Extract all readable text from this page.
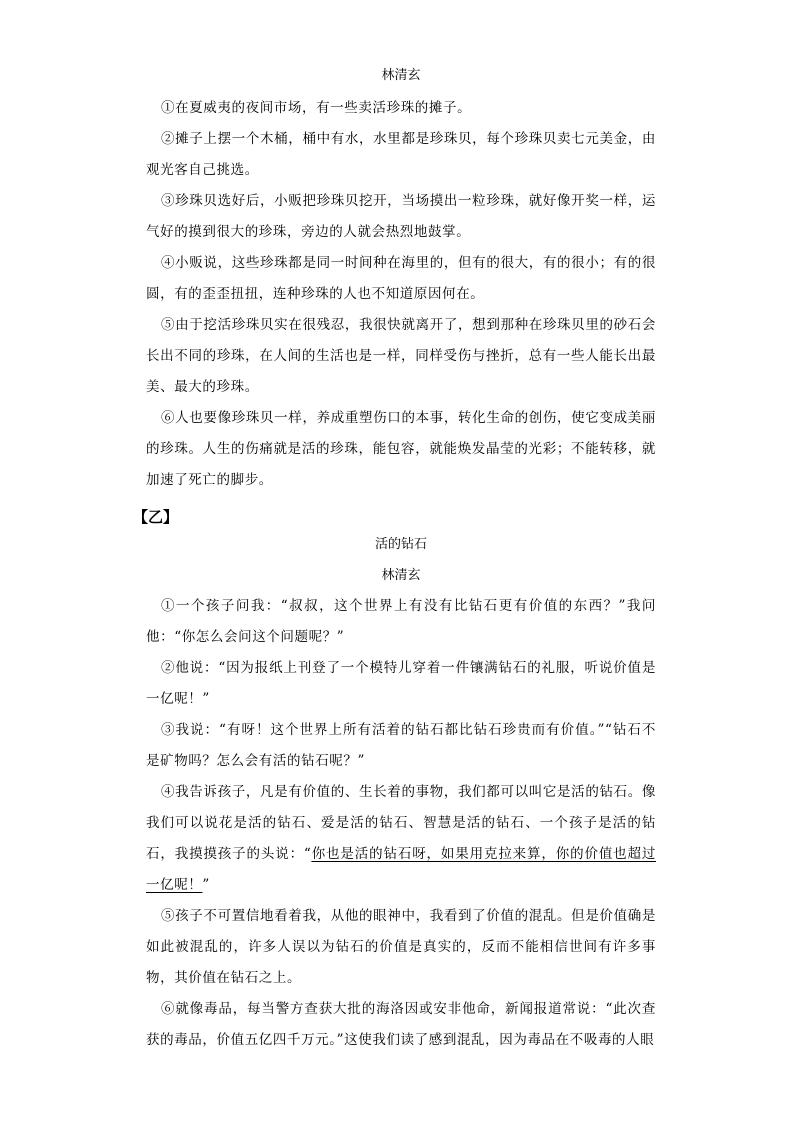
林清玄

①在夏威夷的夜间市场，有一些卖活珍珠的摊子。

②摊子上摆一个木桶，桶中有水，水里都是珍珠贝，每个珍珠贝卖七元美金，由观光客自己挑选。

③珍珠贝选好后，小贩把珍珠贝挖开，当场摸出一粒珍珠，就好像开奖一样，运气好的摸到很大的珍珠，旁边的人就会热烈地鼓掌。

④小贩说，这些珍珠都是同一时间种在海里的，但有的很大，有的很小；有的很圆，有的歪歪扭扭，连种珍珠的人也不知道原因何在。

⑤由于挖活珍珠贝实在很残忍，我很快就离开了，想到那种在珍珠贝里的砂石会长出不同的珍珠，在人间的生活也是一样，同样受伤与挫折，总有一些人能长出最美、最大的珍珠。

⑥人也要像珍珠贝一样，养成重塑伤口的本事，转化生命的创伤，使它变成美丽的珍珠。人生的伤痛就是活的珍珠，能包容，就能焕发晶莹的光彩；不能转移，就加速了死亡的脚步。

【乙】
活的钻石
林清玄

①一个孩子问我：“叔叔，这个世界上有没有比钻石更有价值的东西？”我问他：“你怎么会问这个问题呢？”

②他说：“因为报纸上刊登了一个模特儿穿着一件镶满钻石的礼服，听说价值是一亿呢！”

③我说：“有呀！这个世界上所有活着的钻石都比钻石珍贵而有价值。”“钻石不是矿物吗？怎么会有活的钻石呢？”

④我告诉孩子，凡是有价值的、生长着的事物，我们都可以叫它是活的钻石。像我们可以说花是活的钻石、爱是活的钻石、智慧是活的钻石、一个孩子是活的钻石，我摸摸孩子的头说：“你也是活的钻石呀，如果用克拉来算，你的价值也超过一亿呢！”

⑤孩子不可置信地看着我，从他的眼神中，我看到了价值的混乱。但是价值确是如此被混乱的，许多人误以为钻石的价值是真实的，反而不能相信世间有许多事物，其价值在钻石之上。

⑥就像毒品，每当警方查获大批的海洛因或安非他命，新闻报道常说：“此次查获的毒品，价值五亿四千万元。”这使我们读了感到混乱，因为毒品在不吸毒的人眼
